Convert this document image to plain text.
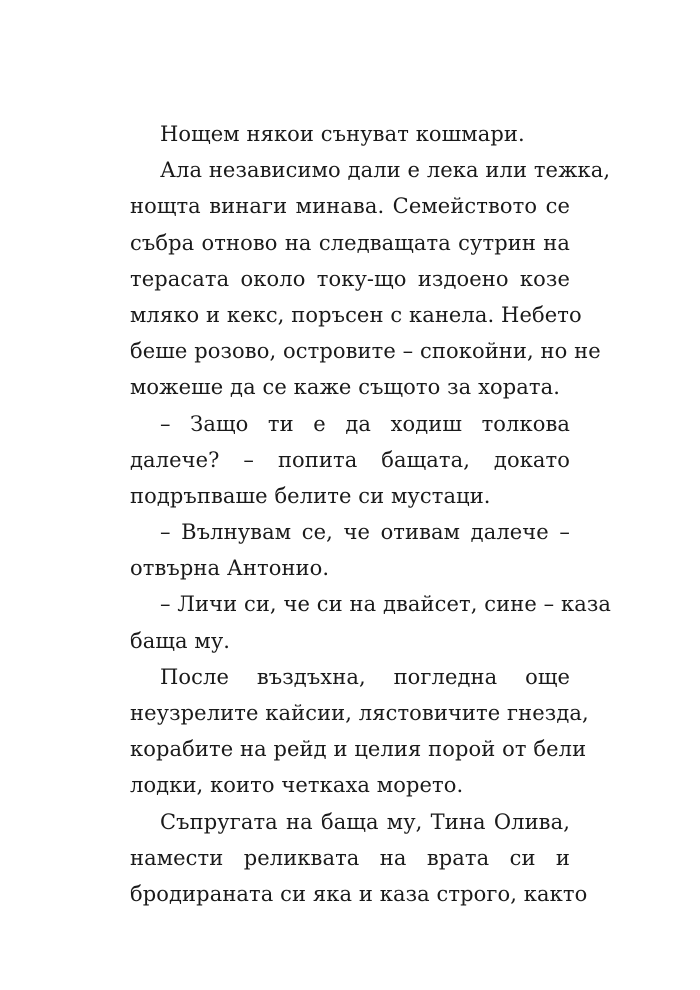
Нощем някои сънуват кошмари.
Ала независимо дали е лека или тежка,
нощта винаги минава. Семейството се
събра отново на следващата сутрин на
терасата около току-що издоено козе
мляко и кекс, поръсен с канела. Небето
беше розово, островите – спокойни, но не
можеше да се каже същото за хората.
– Защо ти е да ходиш толкова
далече? – попита бащата, докато
подръпваше белите си мустаци.
– Вълнувам се, че отивам далече –
отвърна Антонио.
– Личи си, че си на двайсет, сине – каза
баща му.
После въздъхна, погледна още
неузрелите кайсии, лястовичите гнезда,
корабите на рейд и целия порой от бели
лодки, които четкаха морето.
Съпругата на баща му, Тина Олива,
намести реликвата на врата си и
бродираната си яка и каза строго, както
